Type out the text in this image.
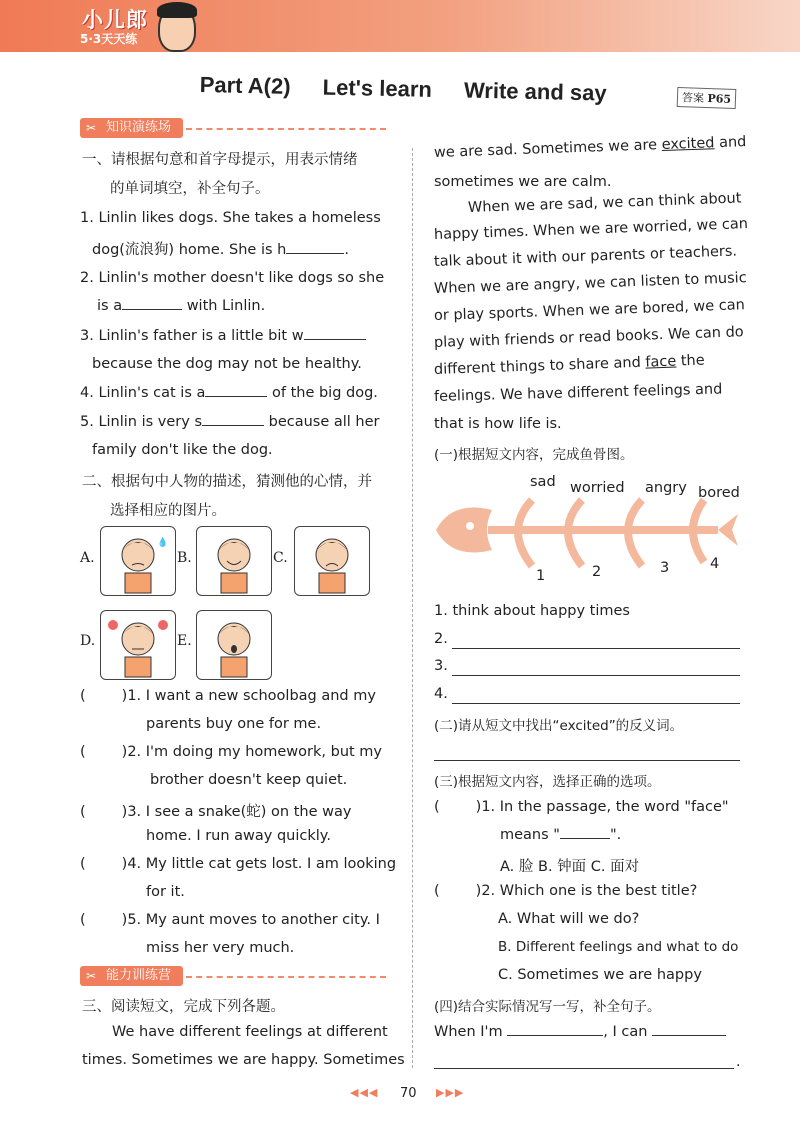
小儿郎
5·3天天练
Part A(2) Let's learn Write and say	答案 P65
✂ 知识演练场
一、请根据句意和首字母提示，用表示情绪
的单词填空，补全句子。
1. Linlin likes dogs. She takes a homeless
dog(流浪狗) home. She is h	.
2. Linlin's mother doesn't like dogs so she
is a	with Linlin.
3. Linlin's father is a little bit w
because the dog may not be healthy.
4. Linlin's cat is a	of the big dog.
5. Linlin is very s	because all her
family don't like the dog.
二、根据句中人物的描述，猜测他的心情，并
选择相应的图片。
A.
💧
B.	C.
D.	E.
( )1. I want a new schoolbag and my
parents buy one for me.
( )2. I'm doing my homework, but my
brother doesn't keep quiet.
( )3. I see a snake(蛇) on the way
home. I run away quickly.
( )4. My little cat gets lost. I am looking
for it.
( )5. My aunt moves to another city. I
miss her very much.
✂ 能力训练营
三、阅读短文，完成下列各题。
We have different feelings at different
times. Sometimes we are happy. Sometimes
we are sad. Sometimes we are excited and
sometimes we are calm.
When we are sad, we can think about
happy times. When we are worried, we can
talk about it with our parents or teachers.
When we are angry, we can listen to music
or play sports. When we are bored, we can
play with friends or read books. We can do
different things to share and face the
feelings. We have different feelings and
that is how life is.
(一)根据短文内容，完成鱼骨图。
sad worried angry bored
1	2	3	4
1. think about happy times
2.
3.
4.
(二)请从短文中找出“excited”的反义词。
(三)根据短文内容，选择正确的选项。
( )1. In the passage, the word "face"
means "	".
A. 脸 B. 钟面 C. 面对
( )2. Which one is the best title?
A. What will we do?
B. Different feelings and what to do
C. Sometimes we are happy
(四)结合实际情况写一写，补全句子。
When I'm	, I can
.
◀◀◀ 70 ▶▶▶
